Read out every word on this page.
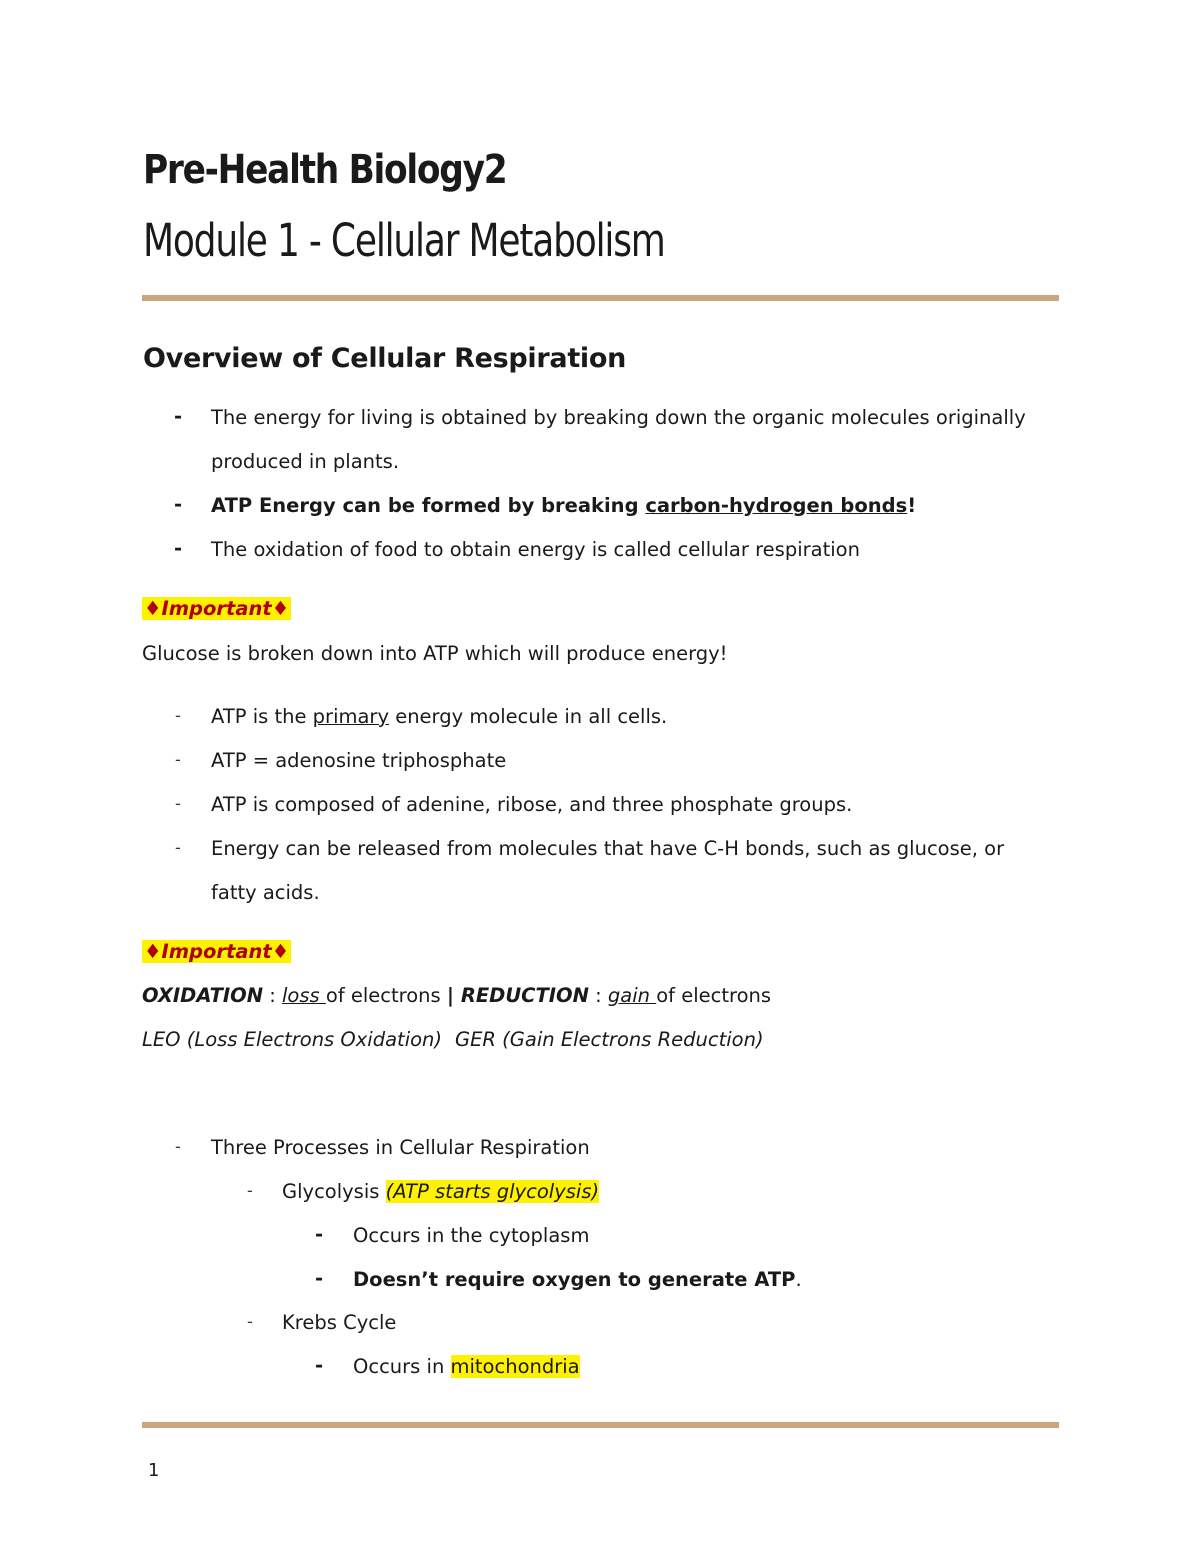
Pre-Health Biology2
Module 1 - Cellular Metabolism
Overview of Cellular Respiration
- The energy for living is obtained by breaking down the organic molecules originally
produced in plants.
- ATP Energy can be formed by breaking carbon-hydrogen bonds!
- The oxidation of food to obtain energy is called cellular respiration
♦Important♦
Glucose is broken down into ATP which will produce energy!
- ATP is the primary energy molecule in all cells.
- ATP = adenosine triphosphate
- ATP is composed of adenine, ribose, and three phosphate groups.
- Energy can be released from molecules that have C-H bonds, such as glucose, or
fatty acids.
♦Important♦
OXIDATION : loss of electrons | REDUCTION : gain of electrons
LEO (Loss Electrons Oxidation) GER (Gain Electrons Reduction)
- Three Processes in Cellular Respiration
- Glycolysis (ATP starts glycolysis)
- Occurs in the cytoplasm
- Doesn’t require oxygen to generate ATP.
- Krebs Cycle
- Occurs in mitochondria
1
